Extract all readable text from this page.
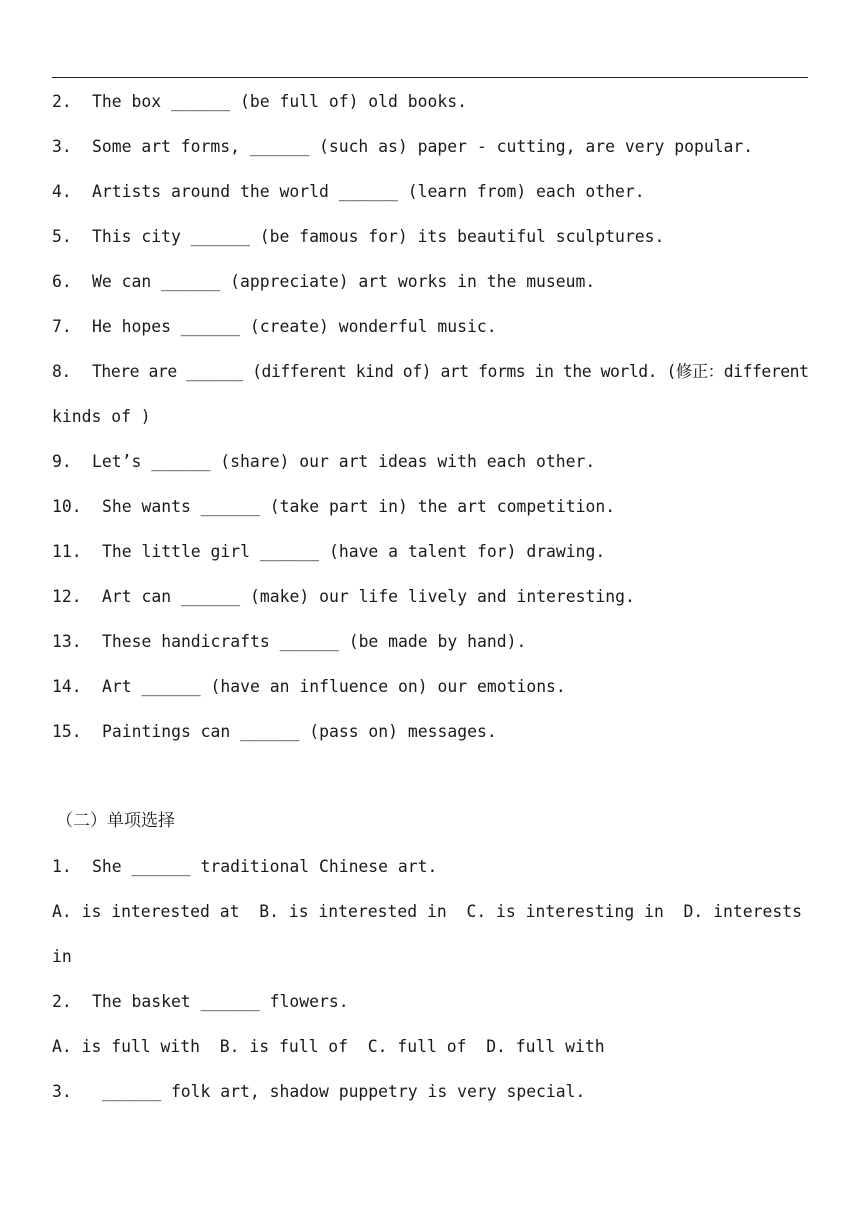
2. The box ______ (be full of) old books.
3. Some art forms, ______ (such as) paper - cutting, are very popular.
4. Artists around the world ______ (learn from) each other.
5. This city ______ (be famous for) its beautiful sculptures.
6. We can ______ (appreciate) art works in the museum.
7. He hopes ______ (create) wonderful music.
8. There are ______ (different kind of) art forms in the world. (修正：different
kinds of )
9. Let’s ______ (share) our art ideas with each other.
10. She wants ______ (take part in) the art competition.
11. The little girl ______ (have a talent for) drawing.
12. Art can ______ (make) our life lively and interesting.
13. These handicrafts ______ (be made by hand).
14. Art ______ (have an influence on) our emotions.
15. Paintings can ______ (pass on) messages.
（二）单项选择
1. She ______ traditional Chinese art.
A. is interested at  B. is interested in  C. is interesting in  D. interests
in
2. The basket ______ flowers.
A. is full with  B. is full of  C. full of  D. full with
3. ______ folk art, shadow puppetry is very special.
